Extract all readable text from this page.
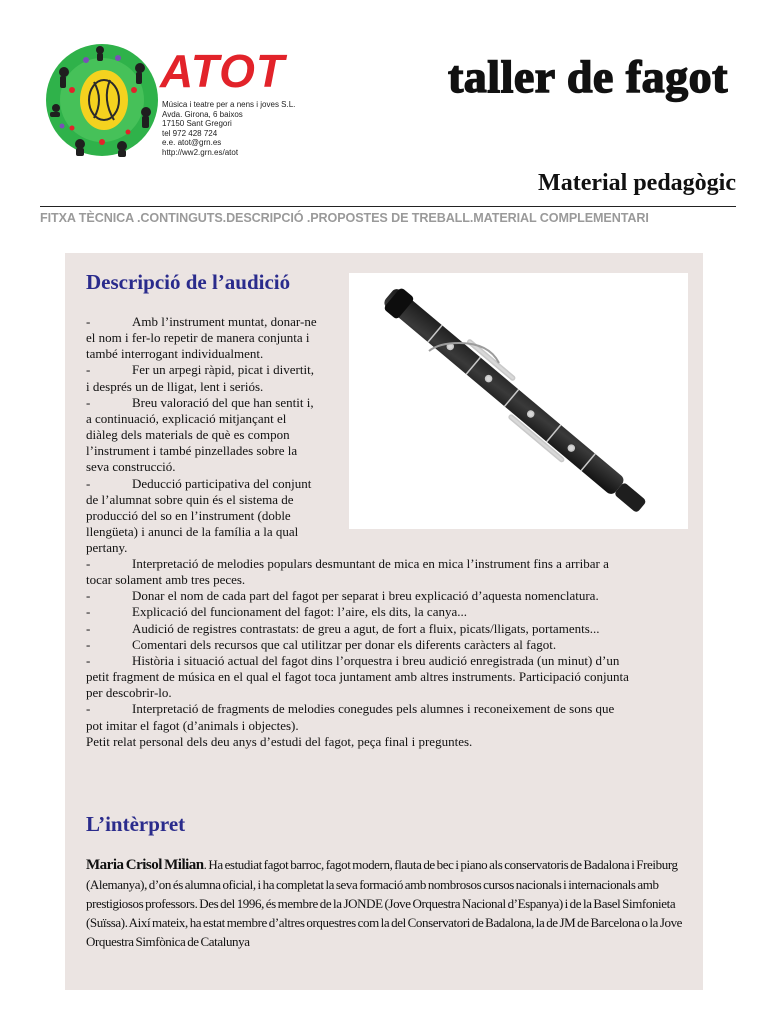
ATOT
Música i teatre per a nens i joves S.L.
Avda. Girona, 6 baixos
17150 Sant Gregori
tel 972 428 724
e.e. atot@grn.es
http://ww2.grn.es/atot
taller de fagot
Material pedagògic
FITXA TÈCNICA .CONTINGUTS.DESCRIPCIÓ .PROPOSTES DE TREBALL.MATERIAL COMPLEMENTARI
Descripció de l’audició
-	Amb l’instrument muntat, donar-ne
el nom i fer-lo repetir de manera conjunta i
també interrogant individualment.
-	Fer un arpegi ràpid, picat i divertit,
i després un de lligat, lent i seriós.
-	Breu valoració del que han sentit i,
a continuació, explicació mitjançant el
diàleg dels materials de què es compon
l’instrument i també pinzellades sobre la
seva construcció.
-	Deducció participativa del conjunt
de l’alumnat sobre quin és el sistema de
producció del so en l’instrument (doble
llengüeta) i anunci de la família a la qual
pertany.
-	Interpretació de melodies populars desmuntant de mica en mica l’instrument fins a arribar a
tocar solament amb tres peces.
-	Donar el nom de cada part del fagot per separat i breu explicació d’aquesta nomenclatura.
-	Explicació del funcionament del fagot: l’aire, els dits, la canya...
-	Audició de registres contrastats: de greu a agut, de fort a fluix, picats/lligats, portaments...
-	Comentari dels recursos que cal utilitzar per donar els diferents caràcters al fagot.
-	Història i situació actual del fagot dins l’orquestra i breu audició enregistrada (un minut) d’un
petit fragment de música en el qual el fagot toca juntament amb altres instruments. Participació conjunta
per descobrir-lo.
-	Interpretació de fragments de melodies conegudes pels alumnes i reconeixement de sons que
pot imitar el fagot (d’animals i objectes).
Petit relat personal dels deu anys d’estudi del fagot, peça final i preguntes.
L’intèrpret
Maria Crisol Milian. Ha estudiat fagot barroc, fagot modern, flauta de bec i piano als conservatoris de Badalona i Freiburg (Alemanya), d’on és alumna oficial, i ha completat la seva formació amb nombrosos cursos nacionals i internacionals amb prestigiosos professors. Des del 1996, és membre de la JONDE (Jove Orquestra Nacional d’Espanya) i de la Basel Simfonieta (Suïssa). Així mateix, ha estat membre d’altres orquestres com la del Conservatori de Badalona, la de JM de Barcelona o la Jove Orquestra Simfònica de Catalunya
